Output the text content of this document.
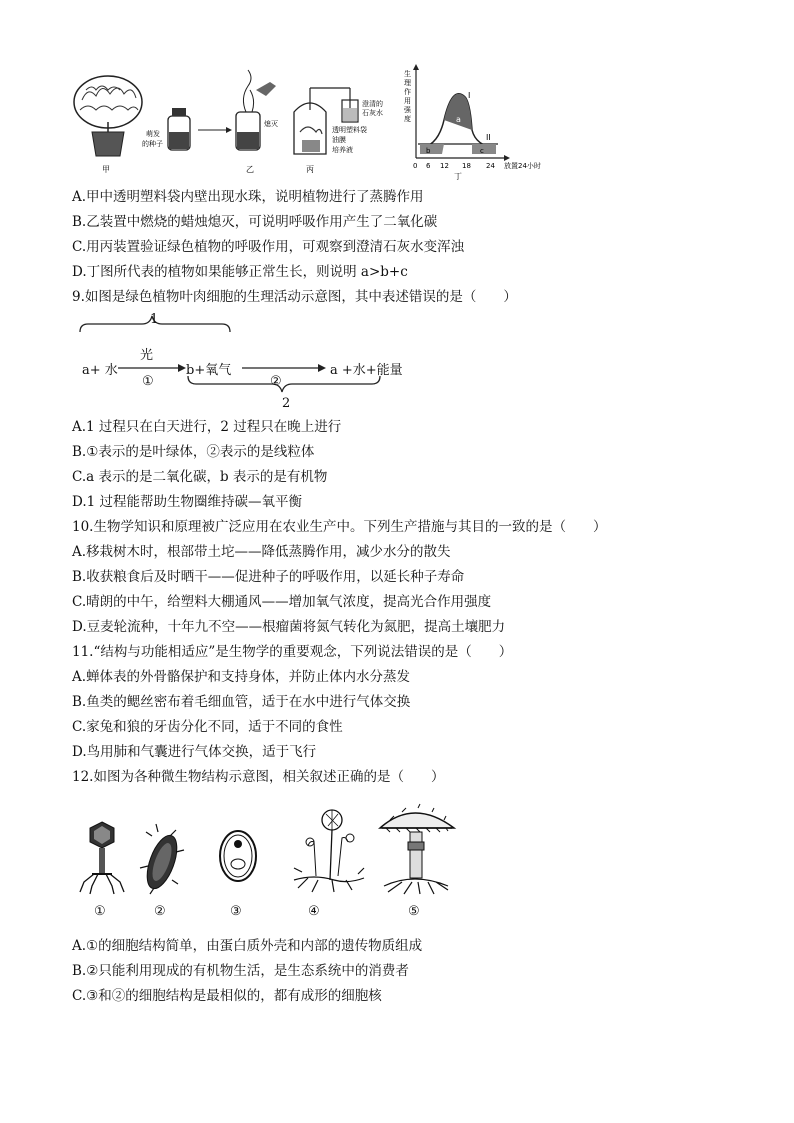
甲
萌发
的种子
熄灭
乙
澄清的
石灰水
透明塑料袋
油膜
培养液
丙
生
理
作
用
强
度
I
II
a
b	c
0 6 12 18 24 放置24小时
丁
A.甲中透明塑料袋内壁出现水珠，说明植物进行了蒸腾作用
B.乙装置中燃烧的蜡烛熄灭，可说明呼吸作用产生了二氧化碳
C.用丙装置验证绿色植物的呼吸作用，可观察到澄清石灰水变浑浊
D.丁图所代表的植物如果能够正常生长，则说明 a>b+c
9.如图是绿色植物叶肉细胞的生理活动示意图，其中表述错误的是（　　）
1
a+ 水
光
①
b+氧气
②
a +水+能量
2
A.1 过程只在白天进行，2 过程只在晚上进行
B.①表示的是叶绿体，②表示的是线粒体
C.a 表示的是二氧化碳，b 表示的是有机物
D.1 过程能帮助生物圈维持碳—氧平衡
10.生物学知识和原理被广泛应用在农业生产中。下列生产措施与其目的一致的是（　　）
A.移栽树木时，根部带土坨——降低蒸腾作用，减少水分的散失
B.收获粮食后及时晒干——促进种子的呼吸作用，以延长种子寿命
C.晴朗的中午，给塑料大棚通风——增加氧气浓度，提高光合作用强度
D.豆麦轮流种，十年九不空——根瘤菌将氮气转化为氮肥，提高土壤肥力
11.“结构与功能相适应”是生物学的重要观念，下列说法错误的是（　　）
A.蝉体表的外骨骼保护和支持身体，并防止体内水分蒸发
B.鱼类的鳃丝密布着毛细血管，适于在水中进行气体交换
C.家兔和狼的牙齿分化不同，适于不同的食性
D.鸟用肺和气囊进行气体交换，适于飞行
12.如图为各种微生物结构示意图，相关叙述正确的是（　　）
①	②	③	④	⑤
A.①的细胞结构简单，由蛋白质外壳和内部的遗传物质组成
B.②只能利用现成的有机物生活，是生态系统中的消费者
C.③和②的细胞结构是最相似的，都有成形的细胞核
